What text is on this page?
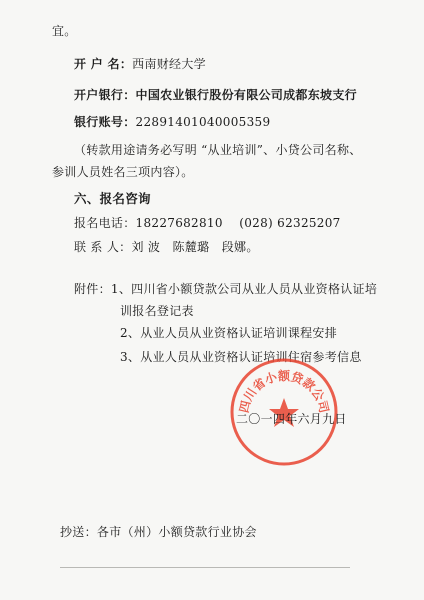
宜。
开 户 名：西南财经大学
开户银行：中国农业银行股份有限公司成都东坡支行
银行账号：22891401040005359
（转款用途请务必写明 “从业培训”、小贷公司名称、
参训人员姓名三项内容）。
六、报名咨询
报名电话：18227682810    (028) 62325207
联 系 人：刘 波   陈麓璐   段娜。
附件：1、四川省小额贷款公司从业人员从业资格认证培
训报名登记表
2、从业人员从业资格认证培训课程安排
3、从业人员从业资格认证培训住宿参考信息
四川省小额贷款公司
二〇一四年六月九日
抄送：各市（州）小额贷款行业协会
